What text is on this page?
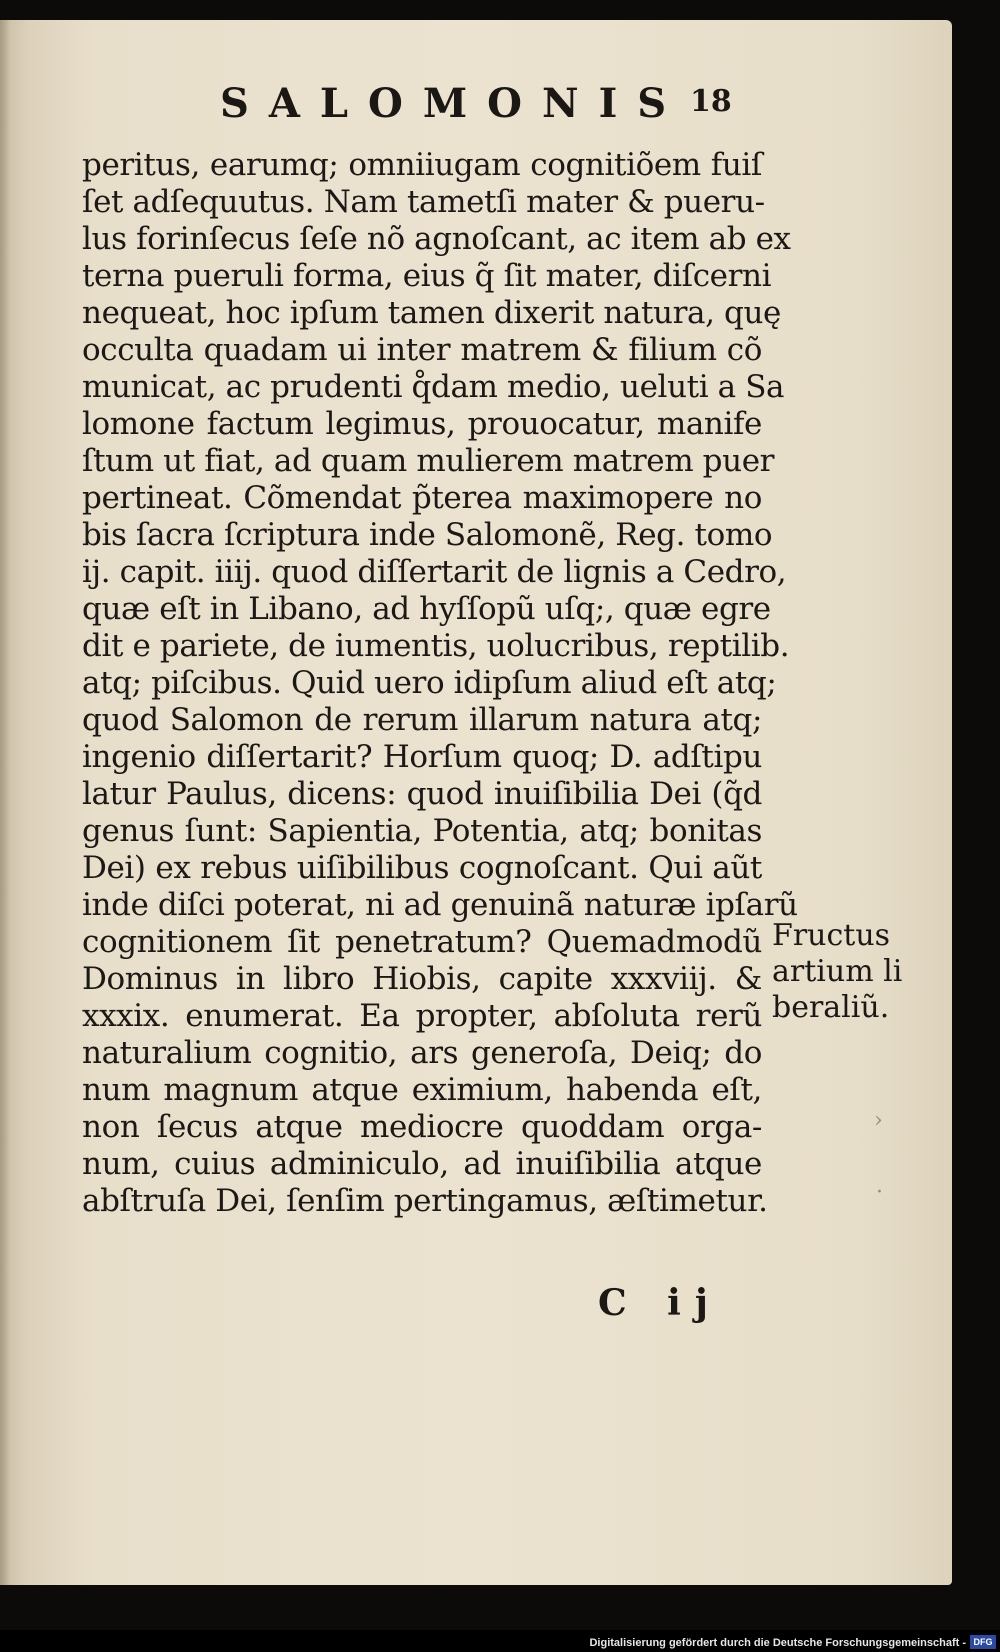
SALOMONIS 18
peritus, earumq; omniiugam cognitiõem fuiſ
ſet adſequutus. Nam tametſi mater & pueru-
lus forinſecus ſeſe nõ agnoſcant, ac item ab ex
terna pueruli forma, eius q̃ ſit mater, diſcerni
nequeat, hoc ipſum tamen dixerit natura, quę
occulta quadam ui inter matrem & filium cõ
municat, ac prudenti q̊dam medio, ueluti a Sa
lomone factum legimus, prouocatur, manife
ſtum ut fiat, ad quam mulierem matrem puer
pertineat. Cõmendat p̃terea maximopere no
bis ſacra ſcriptura inde Salomonẽ, Reg. tomo
ij. capit. iiij. quod diſſertarit de lignis a Cedro,
quæ eſt in Libano, ad hyſſopũ uſq;, quæ egre
dit e pariete, de iumentis, uolucribus, reptilib.
atq; piſcibus. Quid uero idipſum aliud eſt atq;
quod Salomon de rerum illarum natura atq;
ingenio diſſertarit? Horſum quoq; D. adſtipu
latur Paulus, dicens: quod inuiſibilia Dei (q̃d
genus ſunt: Sapientia, Potentia, atq; bonitas
Dei) ex rebus uiſibilibus cognoſcant. Qui aũt
inde diſci poterat, ni ad genuinã naturæ ipſarũ
cognitionem ſit penetratum? Quemadmodũ
Dominus in libro Hiobis, capite xxxviij. &
xxxix. enumerat. Ea propter, abſoluta rerũ
naturalium cognitio, ars generoſa, Deiq; do
num magnum atque eximium, habenda eſt,
non ſecus atque mediocre quoddam orga-
num, cuius adminiculo, ad inuiſibilia atque
abſtruſa Dei, ſenſim pertingamus, æſtimetur.
Fructus
artium li
beraliũ.
›
·
C ij
Digitalisierung gefördert durch die Deutsche Forschungsgemeinschaft - DFG
